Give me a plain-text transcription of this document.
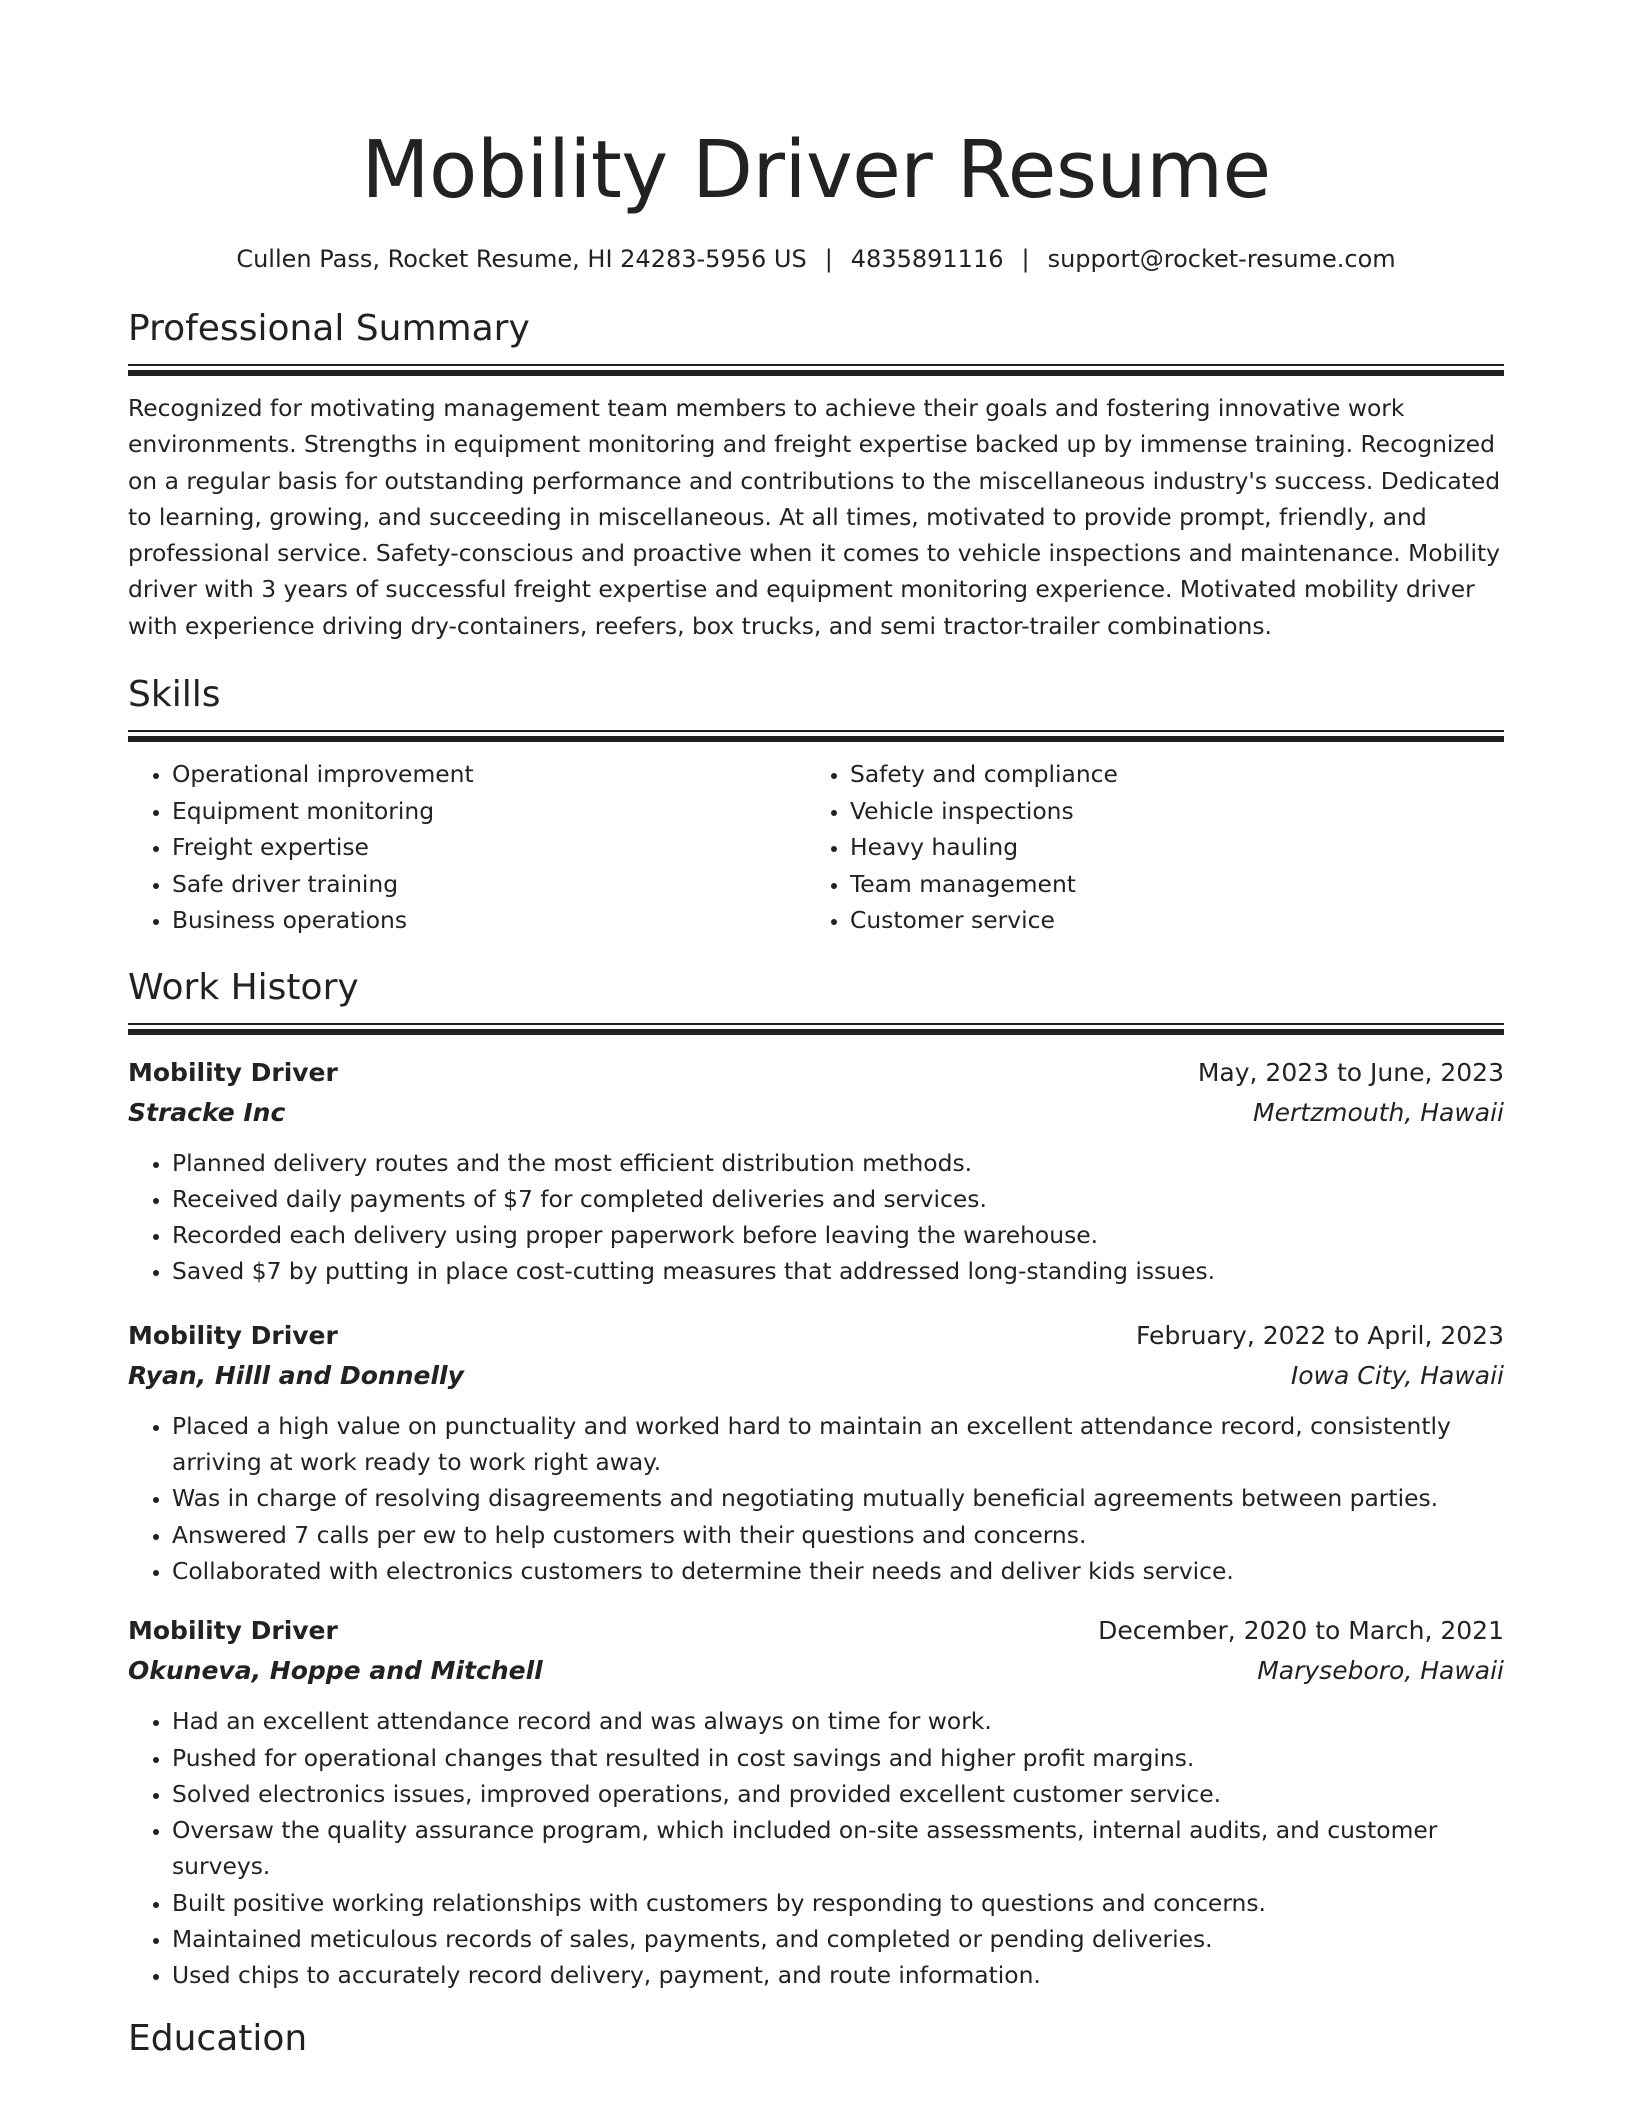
Mobility Driver Resume
Cullen Pass, Rocket Resume, HI 24283-5956 US | 4835891116 | support@rocket-resume.com
Professional Summary

Recognized for motivating management team members to achieve their goals and fostering innovative work environments. Strengths in equipment monitoring and freight expertise backed up by immense training. Recognized on a regular basis for outstanding performance and contributions to the miscellaneous industry's success. Dedicated to learning, growing, and succeeding in miscellaneous. At all times, motivated to provide prompt, friendly, and professional service. Safety-conscious and proactive when it comes to vehicle inspections and maintenance. Mobility driver with 3 years of successful freight expertise and equipment monitoring experience. Motivated mobility driver with experience driving dry-containers, reefers, box trucks, and semi tractor-trailer combinations.

Skills
• Operational improvement
• Equipment monitoring
• Freight expertise
• Safe driver training
• Business operations
• Safety and compliance
• Vehicle inspections
• Heavy hauling
• Team management
• Customer service
Work History
Mobility Driver	May, 2023 to June, 2023
Stracke Inc	Mertzmouth, Hawaii
• Planned delivery routes and the most efficient distribution methods.
• Received daily payments of $7 for completed deliveries and services.
• Recorded each delivery using proper paperwork before leaving the warehouse.
• Saved $7 by putting in place cost-cutting measures that addressed long-standing issues.
Mobility Driver	February, 2022 to April, 2023
Ryan, Hilll and Donnelly	Iowa City, Hawaii
• Placed a high value on punctuality and worked hard to maintain an excellent attendance record, consistently arriving at work ready to work right away.
• Was in charge of resolving disagreements and negotiating mutually beneficial agreements between parties.
• Answered 7 calls per ew to help customers with their questions and concerns.
• Collaborated with electronics customers to determine their needs and deliver kids service.
Mobility Driver	December, 2020 to March, 2021
Okuneva, Hoppe and Mitchell	Maryseboro, Hawaii
• Had an excellent attendance record and was always on time for work.
• Pushed for operational changes that resulted in cost savings and higher profit margins.
• Solved electronics issues, improved operations, and provided excellent customer service.
• Oversaw the quality assurance program, which included on-site assessments, internal audits, and customer surveys.
• Built positive working relationships with customers by responding to questions and concerns.
• Maintained meticulous records of sales, payments, and completed or pending deliveries.
• Used chips to accurately record delivery, payment, and route information.
Education
